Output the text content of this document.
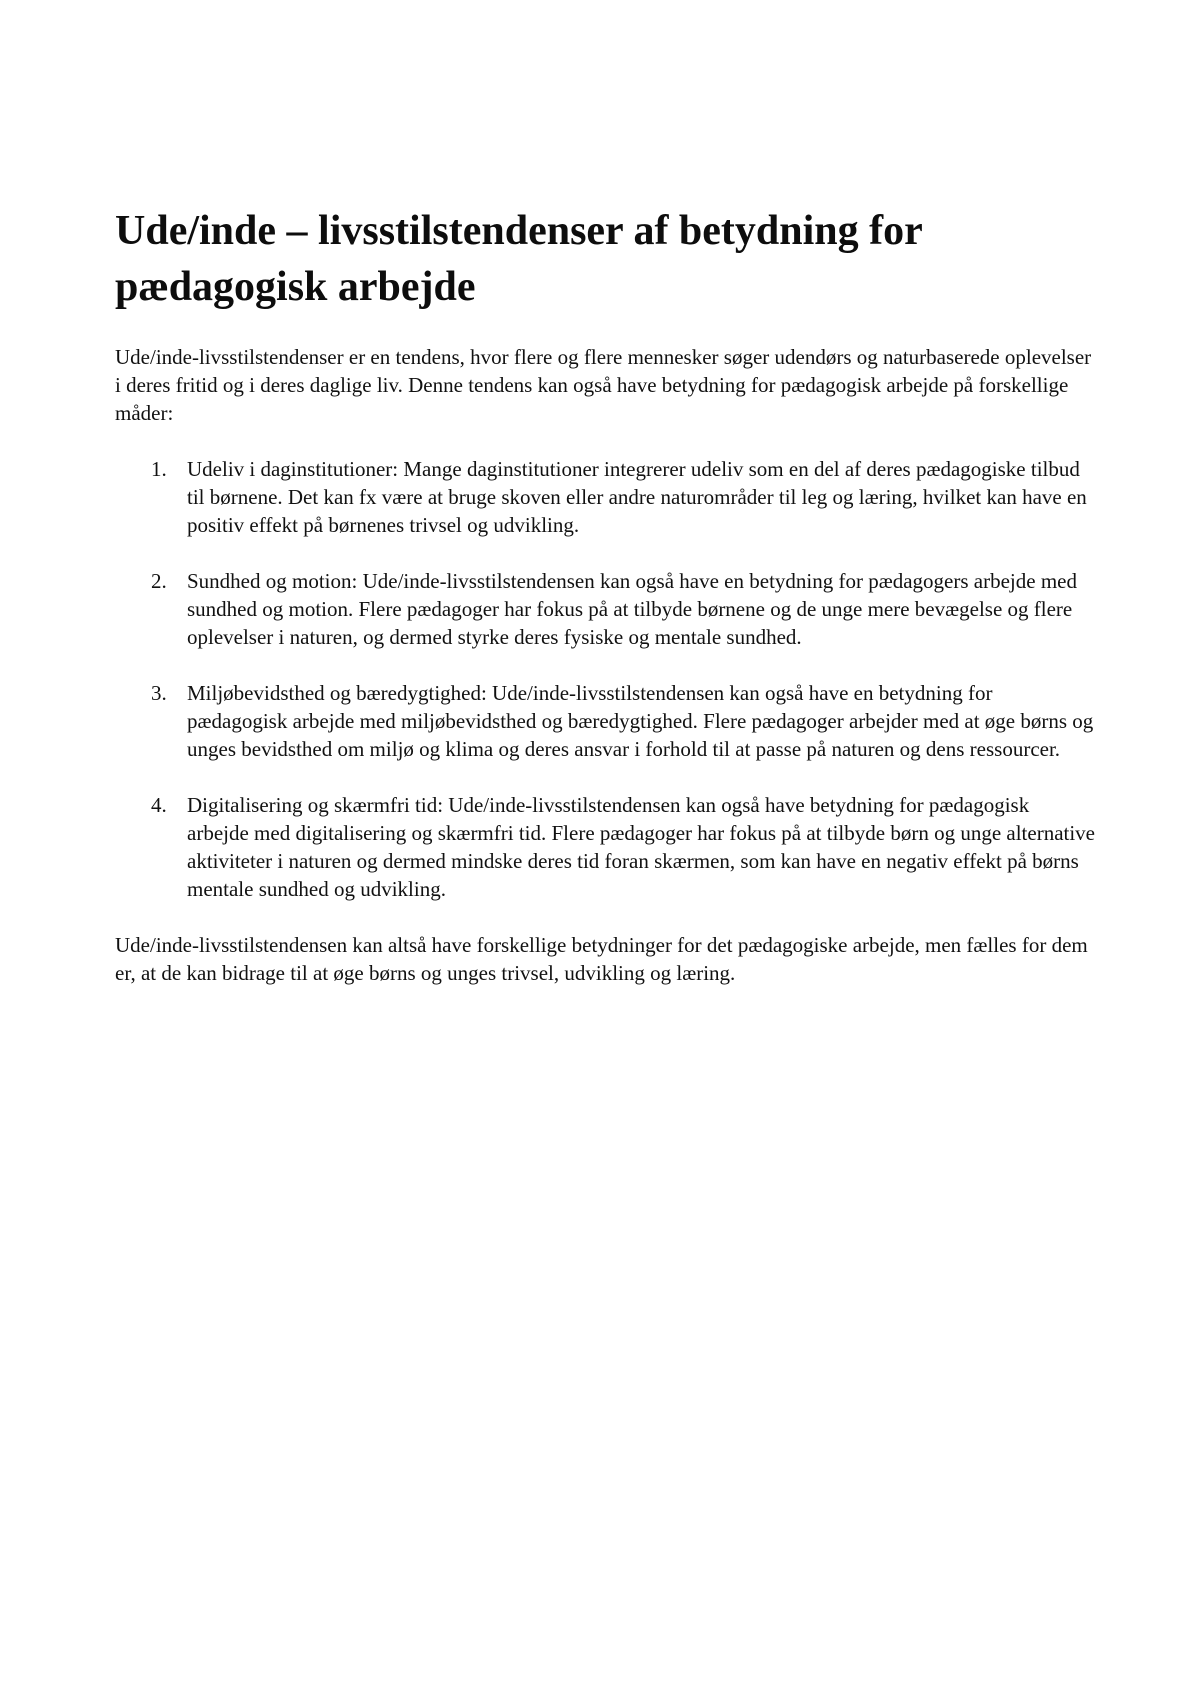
Ude/inde – livsstilstendenser af betydning for pædagogisk arbejde

Ude/inde-livsstilstendenser er en tendens, hvor flere og flere mennesker søger udendørs og naturbaserede oplevelser i deres fritid og i deres daglige liv. Denne tendens kan også have betydning for pædagogisk arbejde på forskellige måder:

1. Udeliv i daginstitutioner: Mange daginstitutioner integrerer udeliv som en del af deres pædagogiske tilbud til børnene. Det kan fx være at bruge skoven eller andre naturområder til leg og læring, hvilket kan have en positiv effekt på børnenes trivsel og udvikling.
2. Sundhed og motion: Ude/inde-livsstilstendensen kan også have en betydning for pædagogers arbejde med sundhed og motion. Flere pædagoger har fokus på at tilbyde børnene og de unge mere bevægelse og flere oplevelser i naturen, og dermed styrke deres fysiske og mentale sundhed.
3. Miljøbevidsthed og bæredygtighed: Ude/inde-livsstilstendensen kan også have en betydning for pædagogisk arbejde med miljøbevidsthed og bæredygtighed. Flere pædagoger arbejder med at øge børns og unges bevidsthed om miljø og klima og deres ansvar i forhold til at passe på naturen og dens ressourcer.
4. Digitalisering og skærmfri tid: Ude/inde-livsstilstendensen kan også have betydning for pædagogisk arbejde med digitalisering og skærmfri tid. Flere pædagoger har fokus på at tilbyde børn og unge alternative aktiviteter i naturen og dermed mindske deres tid foran skærmen, som kan have en negativ effekt på børns mentale sundhed og udvikling.

Ude/inde-livsstilstendensen kan altså have forskellige betydninger for det pædagogiske arbejde, men fælles for dem er, at de kan bidrage til at øge børns og unges trivsel, udvikling og læring.
